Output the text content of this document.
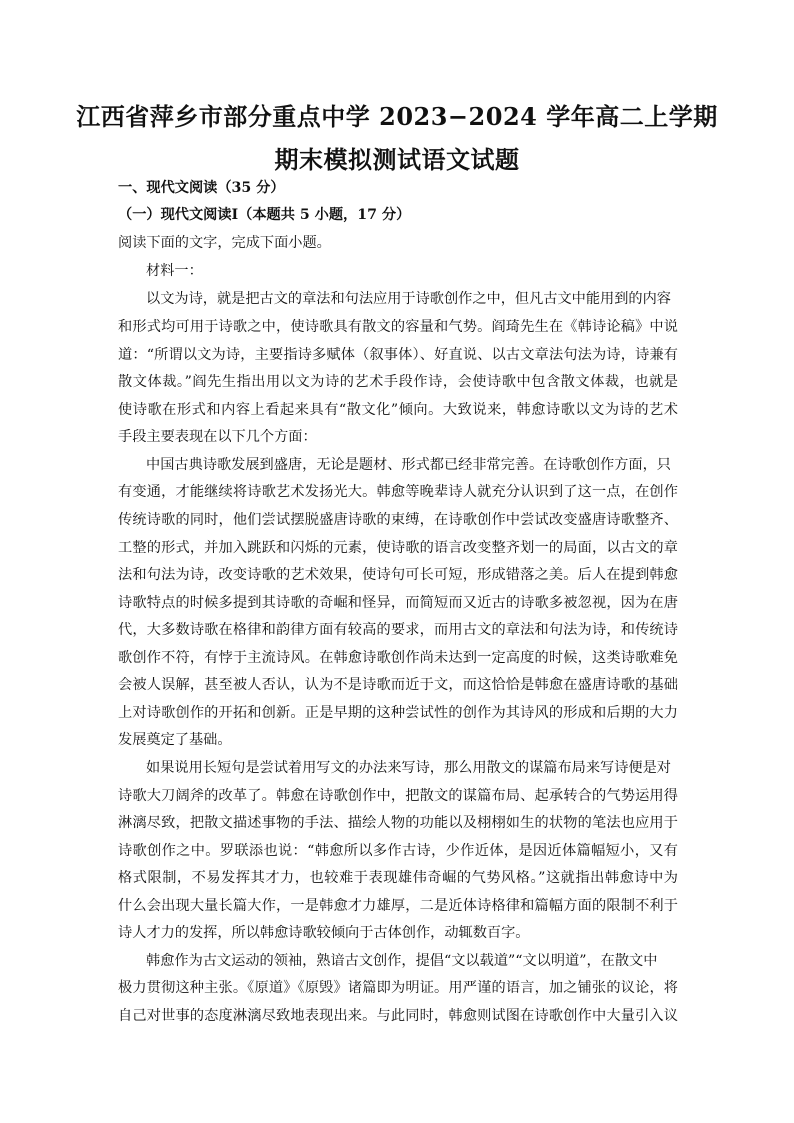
江西省萍乡市部分重点中学 2023−2024 学年高二上学期
期末模拟测试语文试题
一、现代文阅读（35 分）
（一）现代文阅读Ⅰ（本题共 5 小题，17 分）
阅读下面的文字，完成下面小题。
材料一：
以文为诗，就是把古文的章法和句法应用于诗歌创作之中，但凡古文中能用到的内容
和形式均可用于诗歌之中，使诗歌具有散文的容量和气势。阎琦先生在《韩诗论稿》中说
道：“所谓以文为诗，主要指诗多赋体（叙事体）、好直说、以古文章法句法为诗，诗兼有
散文体裁。”阎先生指出用以文为诗的艺术手段作诗，会使诗歌中包含散文体裁，也就是
使诗歌在形式和内容上看起来具有“散文化”倾向。大致说来，韩愈诗歌以文为诗的艺术
手段主要表现在以下几个方面：
中国古典诗歌发展到盛唐，无论是题材、形式都已经非常完善。在诗歌创作方面，只
有变通，才能继续将诗歌艺术发扬光大。韩愈等晚辈诗人就充分认识到了这一点，在创作
传统诗歌的同时，他们尝试摆脱盛唐诗歌的束缚，在诗歌创作中尝试改变盛唐诗歌整齐、
工整的形式，并加入跳跃和闪烁的元素，使诗歌的语言改变整齐划一的局面，以古文的章
法和句法为诗，改变诗歌的艺术效果，使诗句可长可短，形成错落之美。后人在提到韩愈
诗歌特点的时候多提到其诗歌的奇崛和怪异，而简短而又近古的诗歌多被忽视，因为在唐
代，大多数诗歌在格律和韵律方面有较高的要求，而用古文的章法和句法为诗，和传统诗
歌创作不符，有悖于主流诗风。在韩愈诗歌创作尚未达到一定高度的时候，这类诗歌难免
会被人误解，甚至被人否认，认为不是诗歌而近于文，而这恰恰是韩愈在盛唐诗歌的基础
上对诗歌创作的开拓和创新。正是早期的这种尝试性的创作为其诗风的形成和后期的大力
发展奠定了基础。
如果说用长短句是尝试着用写文的办法来写诗，那么用散文的谋篇布局来写诗便是对
诗歌大刀阔斧的改革了。韩愈在诗歌创作中，把散文的谋篇布局、起承转合的气势运用得
淋漓尽致，把散文描述事物的手法、描绘人物的功能以及栩栩如生的状物的笔法也应用于
诗歌创作之中。罗联添也说：“韩愈所以多作古诗，少作近体，是因近体篇幅短小，又有
格式限制，不易发挥其才力，也较难于表现雄伟奇崛的气势风格。”这就指出韩愈诗中为
什么会出现大量长篇大作，一是韩愈才力雄厚，二是近体诗格律和篇幅方面的限制不利于
诗人才力的发挥，所以韩愈诗歌较倾向于古体创作，动辄数百字。
韩愈作为古文运动的领袖，熟谙古文创作，提倡“文以载道”“文以明道”，在散文中
极力贯彻这种主张。《原道》《原毁》诸篇即为明证。用严谨的语言，加之铺张的议论，将
自己对世事的态度淋漓尽致地表现出来。与此同时，韩愈则试图在诗歌创作中大量引入议
